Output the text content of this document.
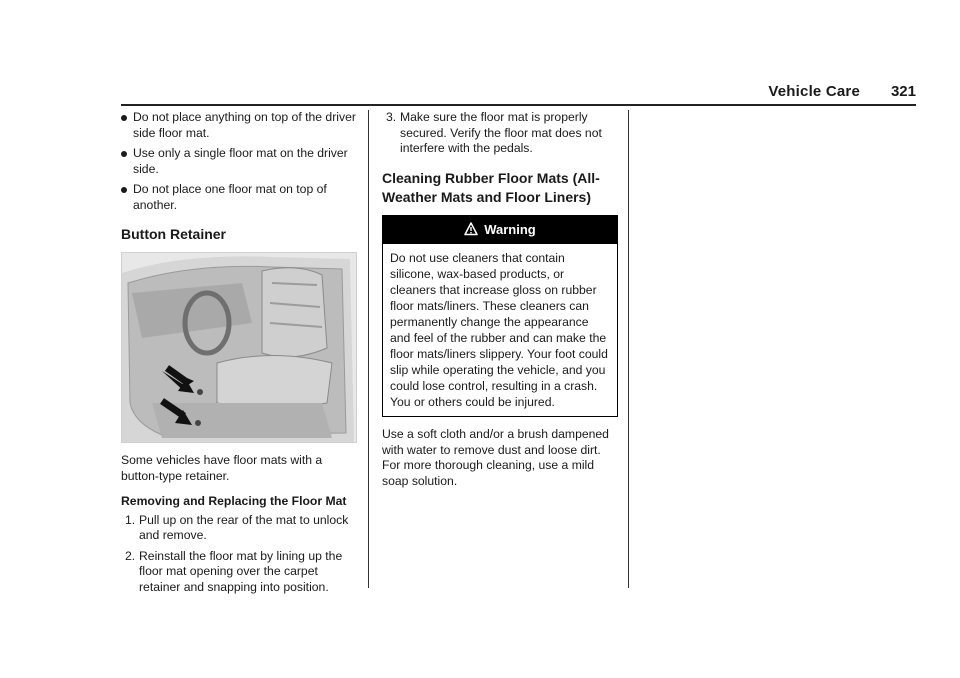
Vehicle Care 321
Do not place anything on top of the driver side floor mat.
Use only a single floor mat on the driver side.
Do not place one floor mat on top of another.
Button Retainer

Some vehicles have floor mats with a button-type retainer.

Removing and Replacing the Floor Mat
1. Pull up on the rear of the mat to unlock and remove.
2. Reinstall the floor mat by lining up the floor mat opening over the carpet retainer and snapping into position.
3. Make sure the floor mat is properly secured. Verify the floor mat does not interfere with the pedals.
Cleaning Rubber Floor Mats (All-Weather Mats and Floor Liners)
Warning
Do not use cleaners that contain silicone, wax-based products, or cleaners that increase gloss on rubber floor mats/liners. These cleaners can permanently change the appearance and feel of the rubber and can make the floor mats/liners slippery. Your foot could slip while operating the vehicle, and you could lose control, resulting in a crash. You or others could be injured.

Use a soft cloth and/or a brush dampened with water to remove dust and loose dirt. For more thorough cleaning, use a mild soap solution.
